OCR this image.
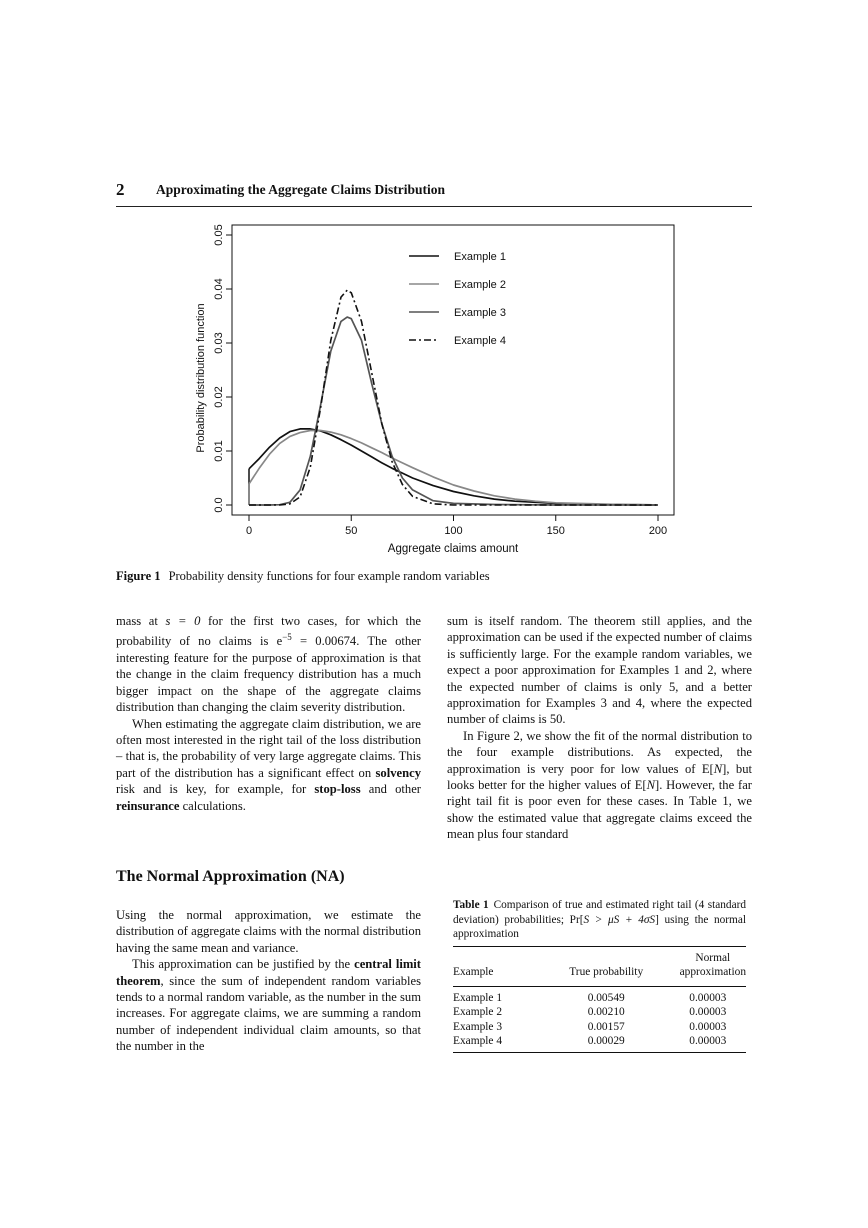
2 Approximating the Aggregate Claims Distribution
0	50	100	150	200
0.0
0.01
0.02
0.03
0.04
0.05
Example 1
Example 2
Example 3
Example 4
Aggregate claims amount
Probability distribution function
Figure 1 Probability density functions for four example random variables

mass at s = 0 for the first two cases, for which the probability of no claims is $e^{-5} = 0.00674$. The other interesting feature for the purpose of approximation is that the change in the claim frequency distribution has a much bigger impact on the shape of the aggregate claims distribution than changing the claim severity distribution.

When estimating the aggregate claim distribution, we are often most interested in the right tail of the loss distribution – that is, the probability of very large aggregate claims. This part of the distribution has a significant effect on solvency risk and is key, for example, for stop-loss and other reinsurance calculations.

The Normal Approximation (NA)

Using the normal approximation, we estimate the distribution of aggregate claims with the normal distribution having the same mean and variance.

This approximation can be justified by the central limit theorem, since the sum of independent random variables tends to a normal random variable, as the number in the sum increases. For aggregate claims, we are summing a random number of independent individual claim amounts, so that the number in the

sum is itself random. The theorem still applies, and the approximation can be used if the expected number of claims is sufficiently large. For the example random variables, we expect a poor approximation for Examples 1 and 2, where the expected number of claims is only 5, and a better approximation for Examples 3 and 4, where the expected number of claims is 50.

In Figure 2, we show the fit of the normal distribution to the four example distributions. As expected, the approximation is very poor for low values of E[N], but looks better for the higher values of E[N]. However, the far right tail fit is poor even for these cases. In Table 1, we show the estimated value that aggregate claims exceed the mean plus four standard

Table 1 Comparison of true and estimated right tail (4 standard deviation) probabilities; Pr[S > μS + 4σS] using the normal approximation
Example	True probability	Normal approximation
Example 1	0.00549	0.00003
Example 2	0.00210	0.00003
Example 3	0.00157	0.00003
Example 4	0.00029	0.00003
